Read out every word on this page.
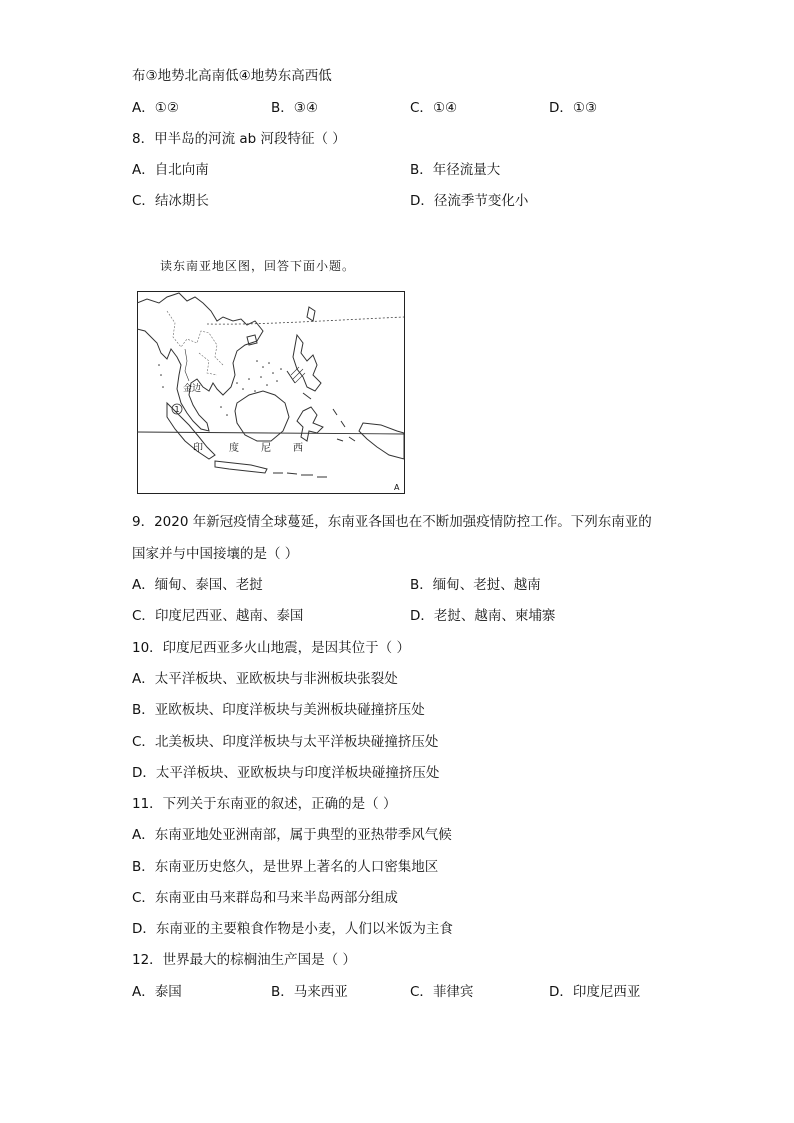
布③地势北高南低④地势东高西低
A．①②	B．③④	C．①④	D．①③
8．甲半岛的河流 ab 河段特征（ ）
A．自北向南	B．年径流量大
C．结冰期长	D．径流季节变化小
读东南亚地区图，回答下面小题。
金边
1
印	度 尼 西
A
9．2020 年新冠疫情全球蔓延，东南亚各国也在不断加强疫情防控工作。下列东南亚的
国家并与中国接壤的是（ ）
A．缅甸、泰国、老挝	B．缅甸、老挝、越南
C．印度尼西亚、越南、泰国	D．老挝、越南、柬埔寨
10．印度尼西亚多火山地震，是因其位于（ ）
A．太平洋板块、亚欧板块与非洲板块张裂处
B．亚欧板块、印度洋板块与美洲板块碰撞挤压处
C．北美板块、印度洋板块与太平洋板块碰撞挤压处
D．太平洋板块、亚欧板块与印度洋板块碰撞挤压处
11．下列关于东南亚的叙述，正确的是（ ）
A．东南亚地处亚洲南部，属于典型的亚热带季风气候
B．东南亚历史悠久，是世界上著名的人口密集地区
C．东南亚由马来群岛和马来半岛两部分组成
D．东南亚的主要粮食作物是小麦，人们以米饭为主食
12．世界最大的棕榈油生产国是（ ）
A．泰国	B．马来西亚	C．菲律宾	D．印度尼西亚
